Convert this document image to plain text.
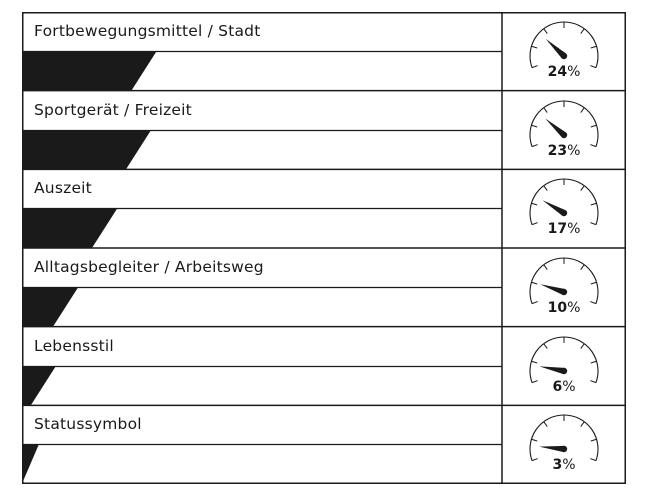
Fortbewegungsmittel / Stadt
24%
Sportgerät / Freizeit
23%
Auszeit
17%
Alltagsbegleiter / Arbeitsweg
10%
Lebensstil
6%
Statussymbol
3%
